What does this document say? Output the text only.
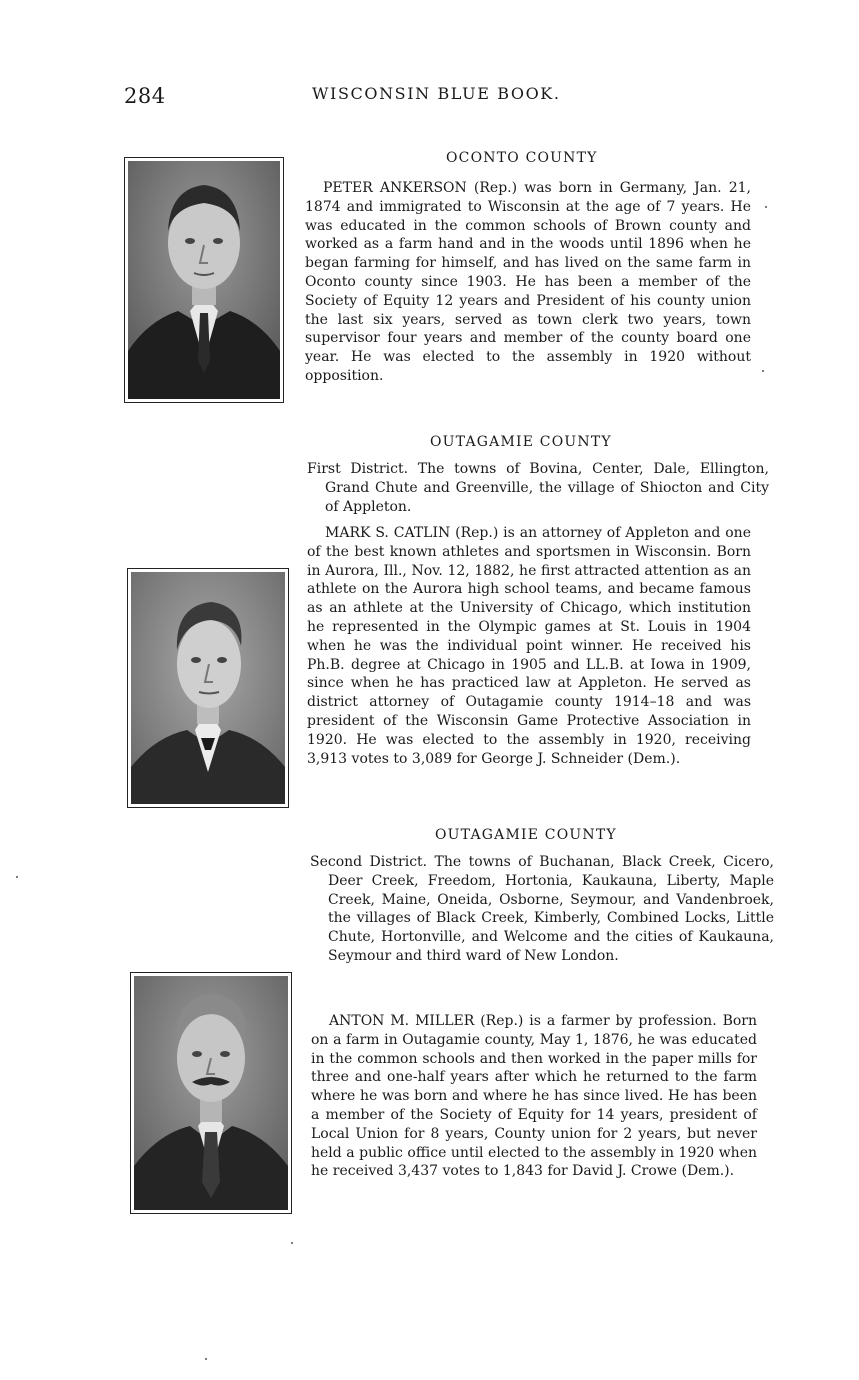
284	WISCONSIN BLUE BOOK.
OCONTO COUNTY

PETER ANKERSON (Rep.) was born in Germany, Jan. 21, 1874 and immigrated to Wisconsin at the age of 7 years. He was educated in the common schools of Brown county and worked as a farm hand and in the woods until 1896 when he began farming for himself, and has lived on the same farm in Oconto county since 1903. He has been a member of the Society of Equity 12 years and President of his county union the last six years, served as town clerk two years, town supervisor four years and member of the county board one year. He was elected to the assembly in 1920 without opposition.

OUTAGAMIE COUNTY

First District. The towns of Bovina, Center, Dale, Ellington, Grand Chute and Greenville, the village of Shiocton and City of Appleton.

MARK S. CATLIN (Rep.) is an attorney of Appleton and one of the best known athletes and sportsmen in Wisconsin. Born in Aurora, Ill., Nov. 12, 1882, he first attracted attention as an athlete on the Aurora high school teams, and became famous as an athlete at the University of Chicago, which institution he represented in the Olympic games at St. Louis in 1904 when he was the individual point winner. He received his Ph.B. degree at Chicago in 1905 and LL.B. at Iowa in 1909, since when he has practiced law at Appleton. He served as district attorney of Outagamie county 1914–18 and was president of the Wisconsin Game Protective Association in 1920. He was elected to the assembly in 1920, receiving 3,913 votes to 3,089 for George J. Schneider (Dem.).

OUTAGAMIE COUNTY

Second District. The towns of Buchanan, Black Creek, Cicero, Deer Creek, Freedom, Hortonia, Kaukauna, Liberty, Maple Creek, Maine, Oneida, Osborne, Seymour, and Vandenbroek, the villages of Black Creek, Kimberly, Combined Locks, Little Chute, Hortonville, and Welcome and the cities of Kaukauna, Seymour and third ward of New London.

ANTON M. MILLER (Rep.) is a farmer by profession. Born on a farm in Outagamie county, May 1, 1876, he was educated in the common schools and then worked in the paper mills for three and one-half years after which he returned to the farm where he was born and where he has since lived. He has been a member of the Society of Equity for 14 years, president of Local Union for 8 years, County union for 2 years, but never held a public office until elected to the assembly in 1920 when he received 3,437 votes to 1,843 for David J. Crowe (Dem.).
